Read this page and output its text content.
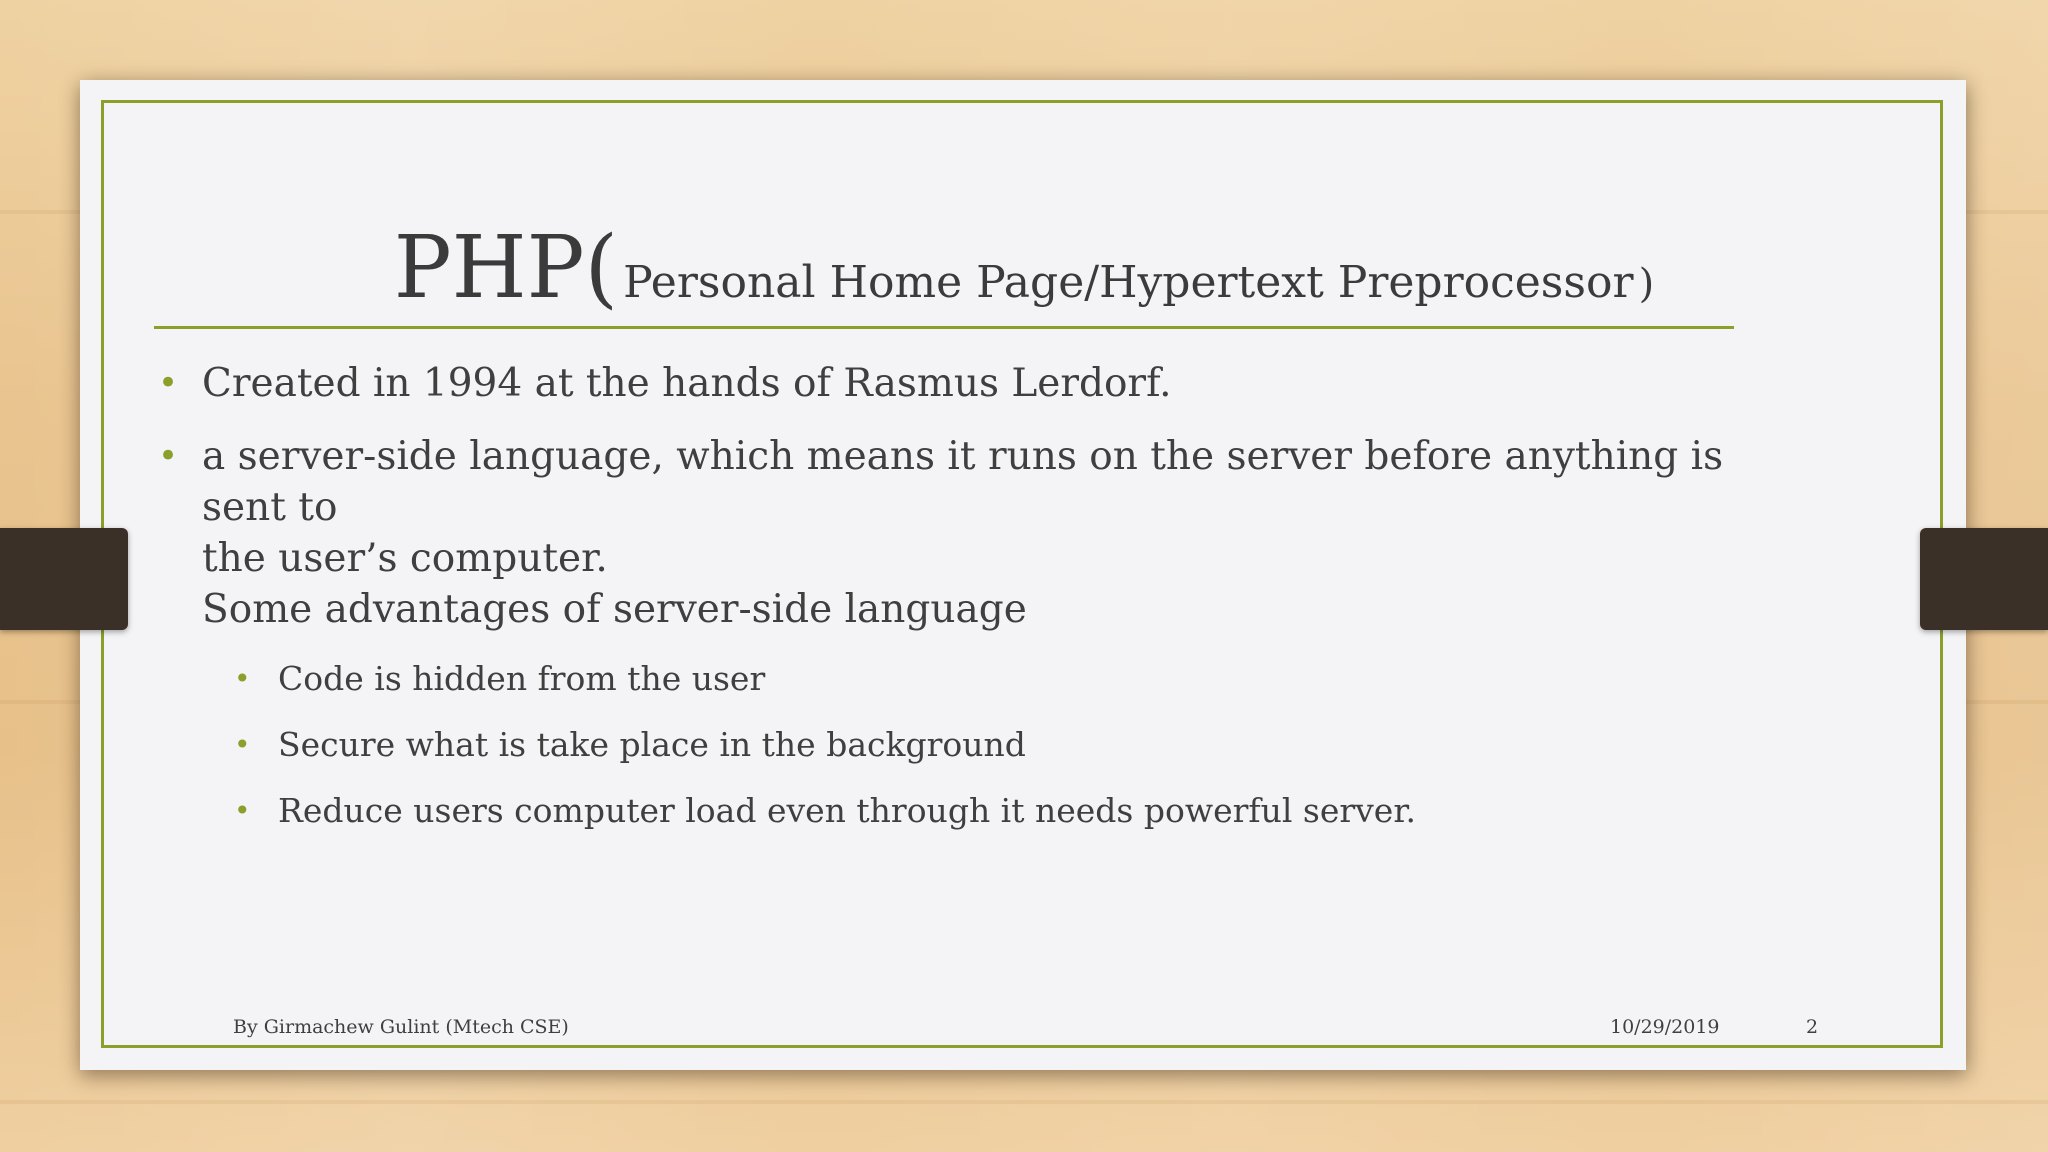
PHP( Personal Home Page/Hypertext Preprocessor )
• Created in 1994 at the hands of Rasmus Lerdorf.
• a server-side language, which means it runs on the server before anything is sent to
the user’s computer.
Some advantages of server-side language
• Code is hidden from the user
• Secure what is take place in the background
• Reduce users computer load even through it needs powerful server.
By Girmachew Gulint (Mtech CSE)	10/29/2019	2
